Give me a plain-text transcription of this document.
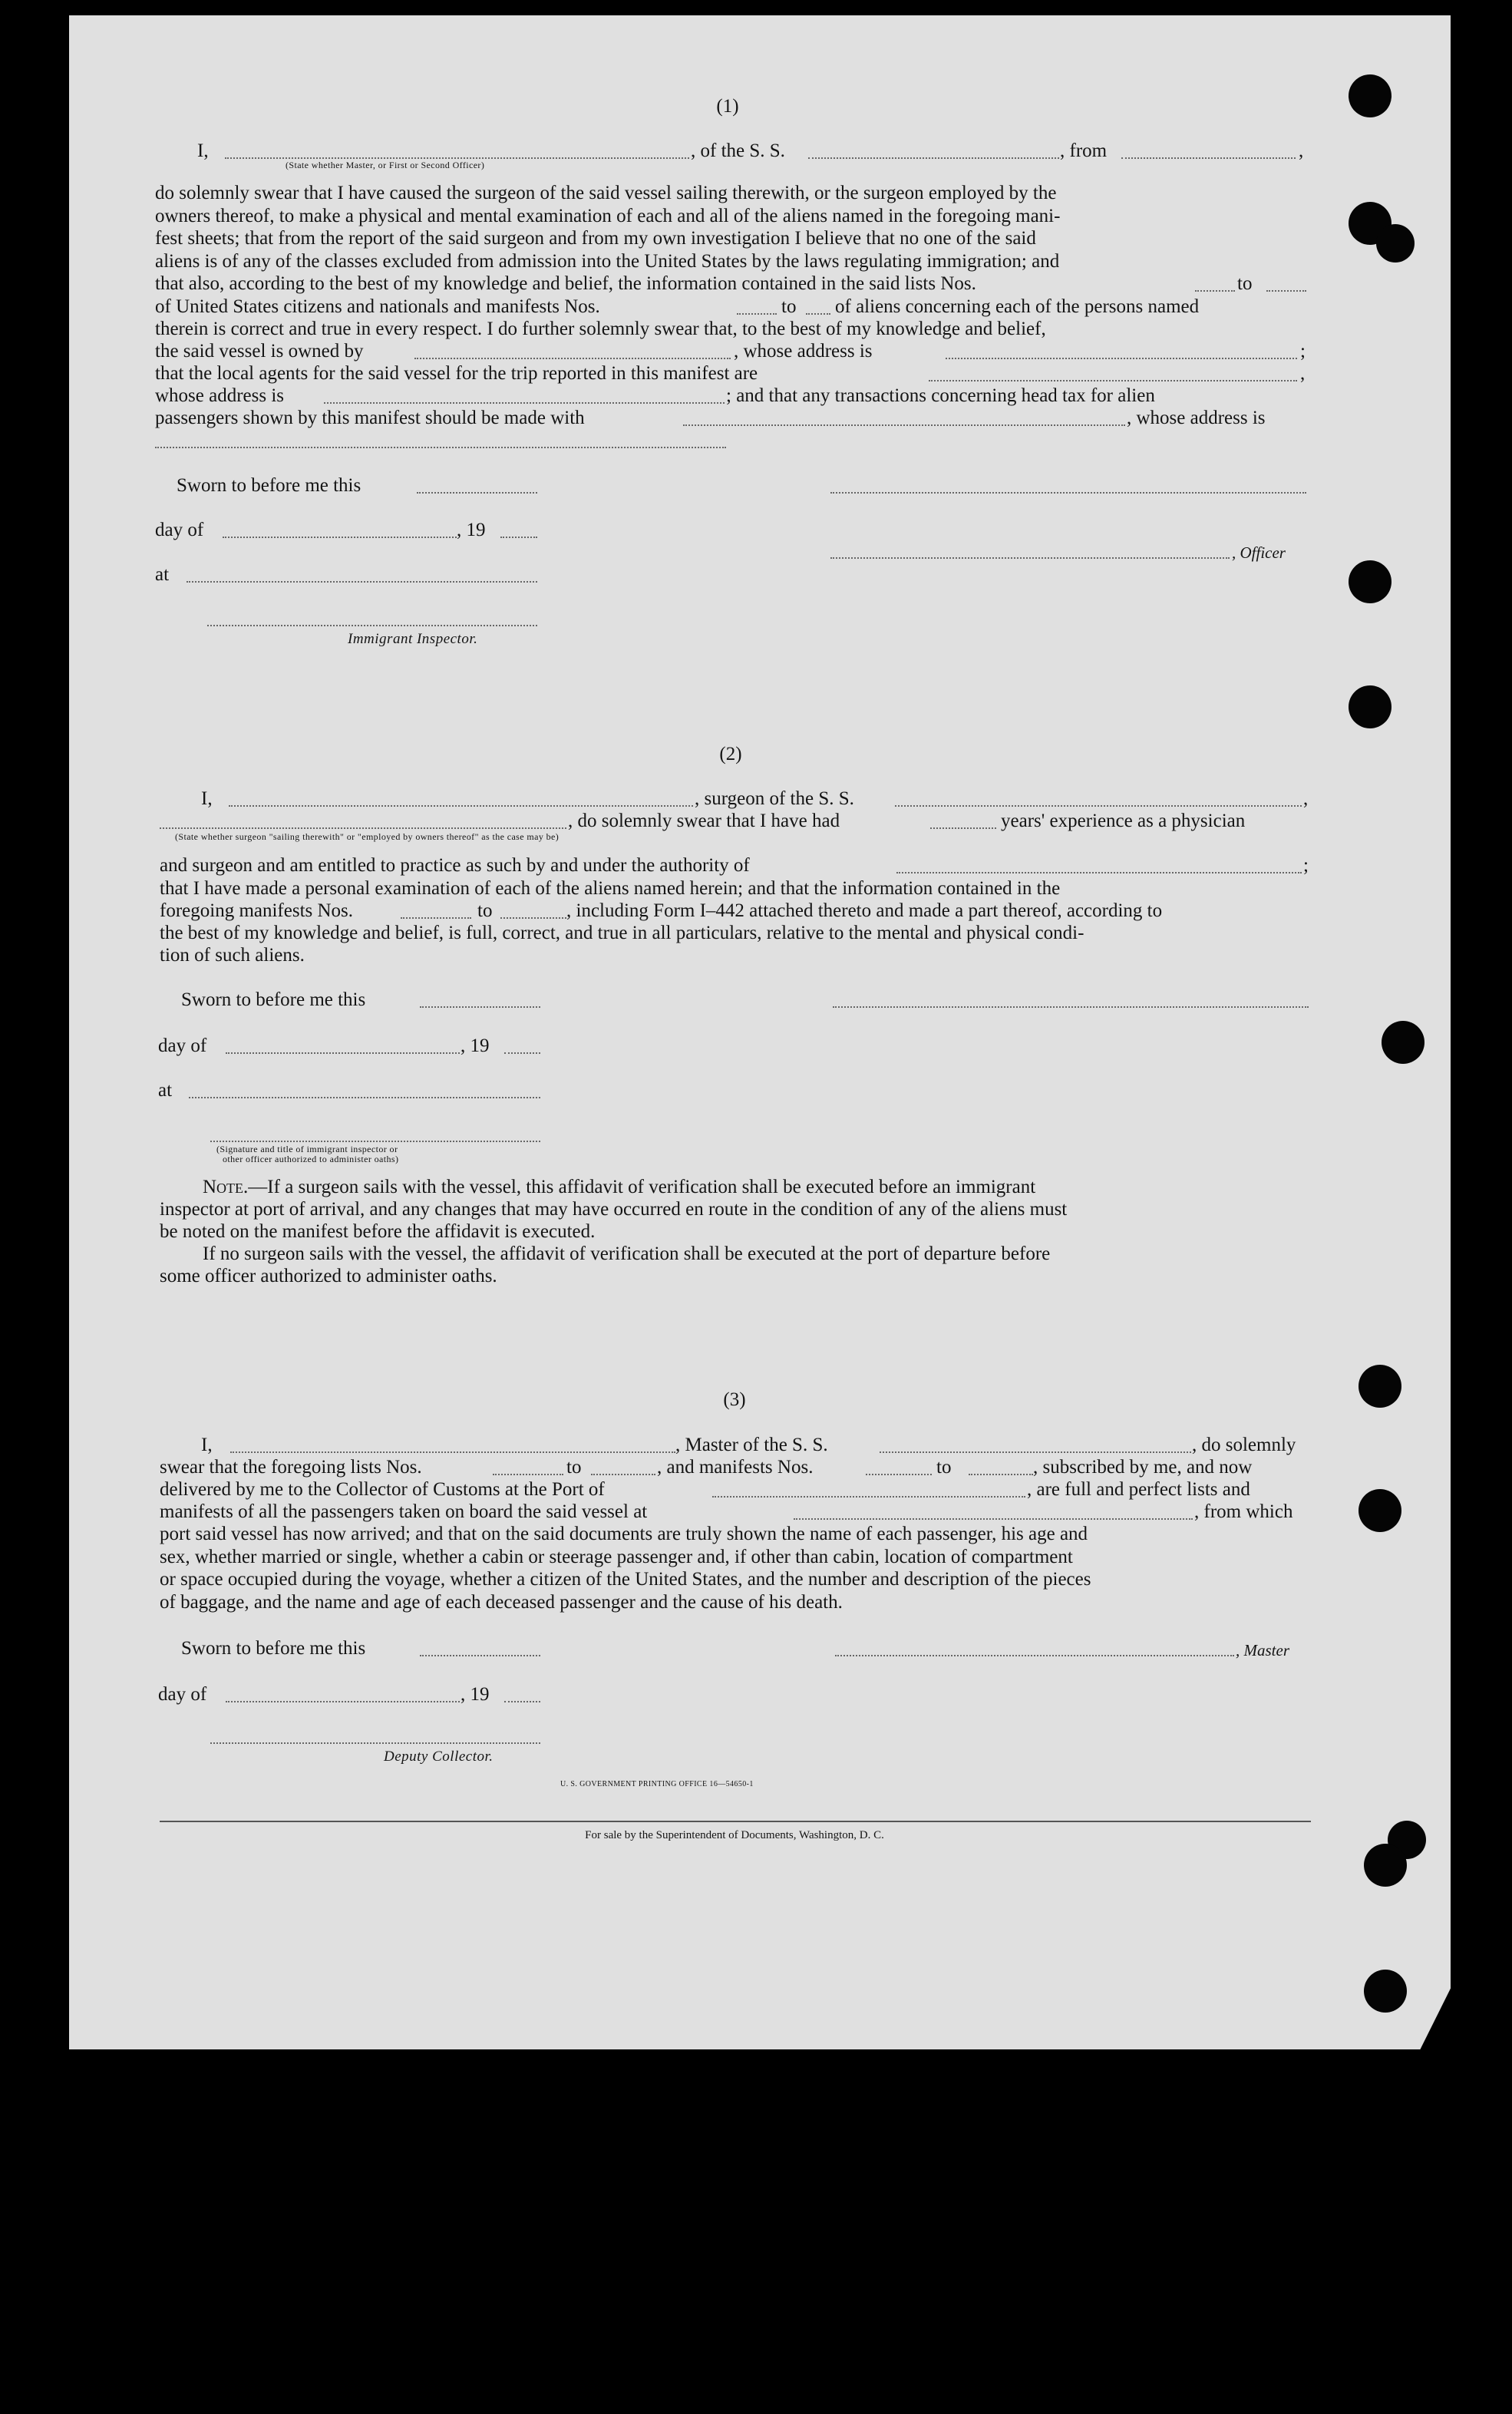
(1)
I,	, of the S. S.	, from	,
(State whether Master, or First or Second Officer)
do solemnly swear that I have caused the surgeon of the said vessel sailing therewith, or the surgeon employed by the
owners thereof, to make a physical and mental examination of each and all of the aliens named in the foregoing mani-
fest sheets; that from the report of the said surgeon and from my own investigation I believe that no one of the said
aliens is of any of the classes excluded from admission into the United States by the laws regulating immigration; and
that also, according to the best of my knowledge and belief, the information contained in the said lists Nos.	to
of United States citizens and nationals and manifests Nos.	to of aliens concerning each of the persons named
therein is correct and true in every respect. I do further solemnly swear that, to the best of my knowledge and belief,
the said vessel is owned by	, whose address is	;
that the local agents for the said vessel for the trip reported in this manifest are	,
whose address is	; and that any transactions concerning head tax for alien
passengers shown by this manifest should be made with	, whose address is
Sworn to before me this
day of	, 19
, Officer
at
Immigrant Inspector.
(2)
I,	, surgeon of the S. S.	,
, do solemnly swear that I have had	years' experience as a physician
(State whether surgeon "sailing therewith" or "employed by owners thereof" as the case may be)
and surgeon and am entitled to practice as such by and under the authority of	;
that I have made a personal examination of each of the aliens named herein; and that the information contained in the
foregoing manifests Nos.	to	, including Form I–442 attached thereto and made a part thereof, according to
the best of my knowledge and belief, is full, correct, and true in all particulars, relative to the mental and physical condi-
tion of such aliens.
Sworn to before me this
day of	, 19
at
(Signature and title of immigrant inspector or
other officer authorized to administer oaths)
Note.—If a surgeon sails with the vessel, this affidavit of verification shall be executed before an immigrant
inspector at port of arrival, and any changes that may have occurred en route in the condition of any of the aliens must
be noted on the manifest before the affidavit is executed.
If no surgeon sails with the vessel, the affidavit of verification shall be executed at the port of departure before
some officer authorized to administer oaths.
(3)
I,	, Master of the S. S.	, do solemnly
swear that the foregoing lists Nos.	to	, and manifests Nos.	to	, subscribed by me, and now
delivered by me to the Collector of Customs at the Port of	, are full and perfect lists and
manifests of all the passengers taken on board the said vessel at	, from which
port said vessel has now arrived; and that on the said documents are truly shown the name of each passenger, his age and
sex, whether married or single, whether a cabin or steerage passenger and, if other than cabin, location of compartment
or space occupied during the voyage, whether a citizen of the United States, and the number and description of the pieces
of baggage, and the name and age of each deceased passenger and the cause of his death.
Sworn to before me this	, Master
day of	, 19
Deputy Collector.
U. S. GOVERNMENT PRINTING OFFICE 16—54650-1
For sale by the Superintendent of Documents, Washington, D. C.
